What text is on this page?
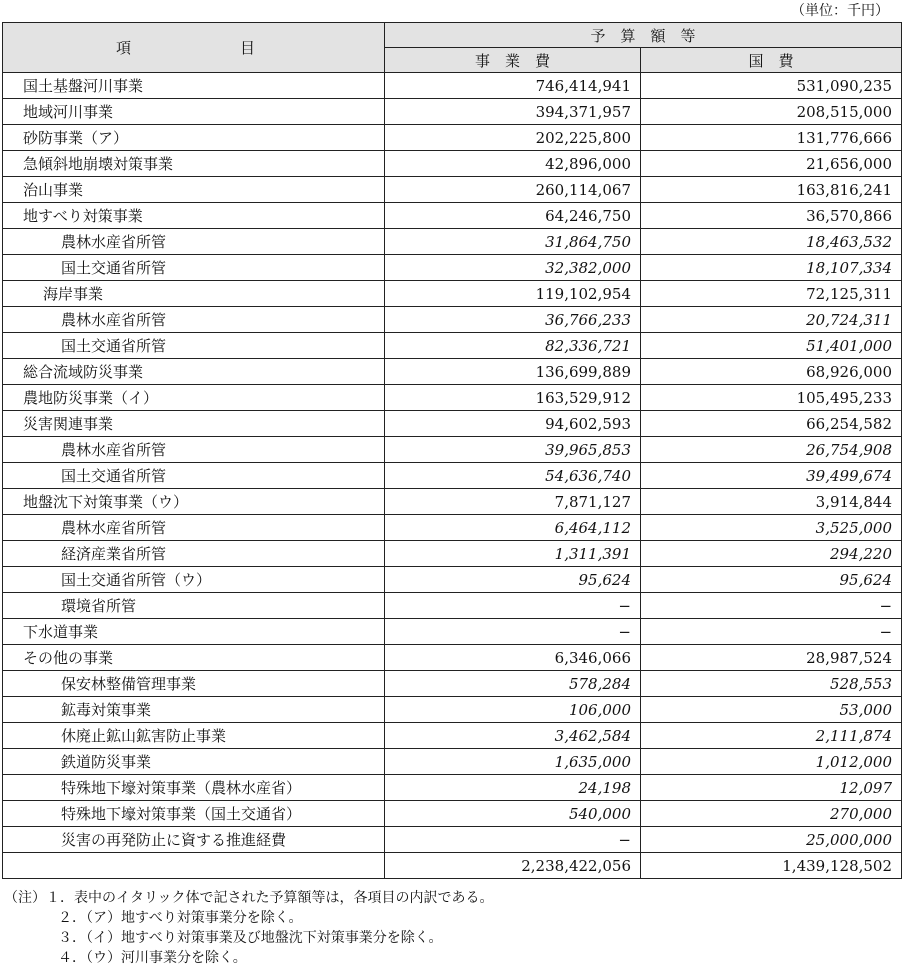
（単位：千円）
項　　　目	予　算　額　等	
	事　業　費	国　費
国土基盤河川事業	746,414,941	531,090,235
地域河川事業	394,371,957	208,515,000
砂防事業（ア）	202,225,800	131,776,666
急傾斜地崩壊対策事業	42,896,000	21,656,000
治山事業	260,114,067	163,816,241
地すべり対策事業	64,246,750	36,570,866
農林水産省所管	31,864,750	18,463,532
国土交通省所管	32,382,000	18,107,334
海岸事業	119,102,954	72,125,311
農林水産省所管	36,766,233	20,724,311
国土交通省所管	82,336,721	51,401,000
総合流域防災事業	136,699,889	68,926,000
農地防災事業（イ）	163,529,912	105,495,233
災害関連事業	94,602,593	66,254,582
農林水産省所管	39,965,853	26,754,908
国土交通省所管	54,636,740	39,499,674
地盤沈下対策事業（ウ）	7,871,127	3,914,844
農林水産省所管	6,464,112	3,525,000
経済産業省所管	1,311,391	294,220
国土交通省所管（ウ）	95,624	95,624
環境省所管	−	−
下水道事業	−	−
その他の事業	6,346,066	28,987,524
保安林整備管理事業	578,284	528,553
鉱毒対策事業	106,000	53,000
休廃止鉱山鉱害防止事業	3,462,584	2,111,874
鉄道防災事業	1,635,000	1,012,000
特殊地下壕対策事業（農林水産省）	24,198	12,097
特殊地下壕対策事業（国土交通省）	540,000	270,000
災害の再発防止に資する推進経費	−	25,000,000
	2,238,422,056	1,439,128,502
（注）１．表中のイタリック体で記された予算額等は，各項目の内訳である。
２．（ア）地すべり対策事業分を除く。
３．（イ）地すべり対策事業及び地盤沈下対策事業分を除く。
４．（ウ）河川事業分を除く。
